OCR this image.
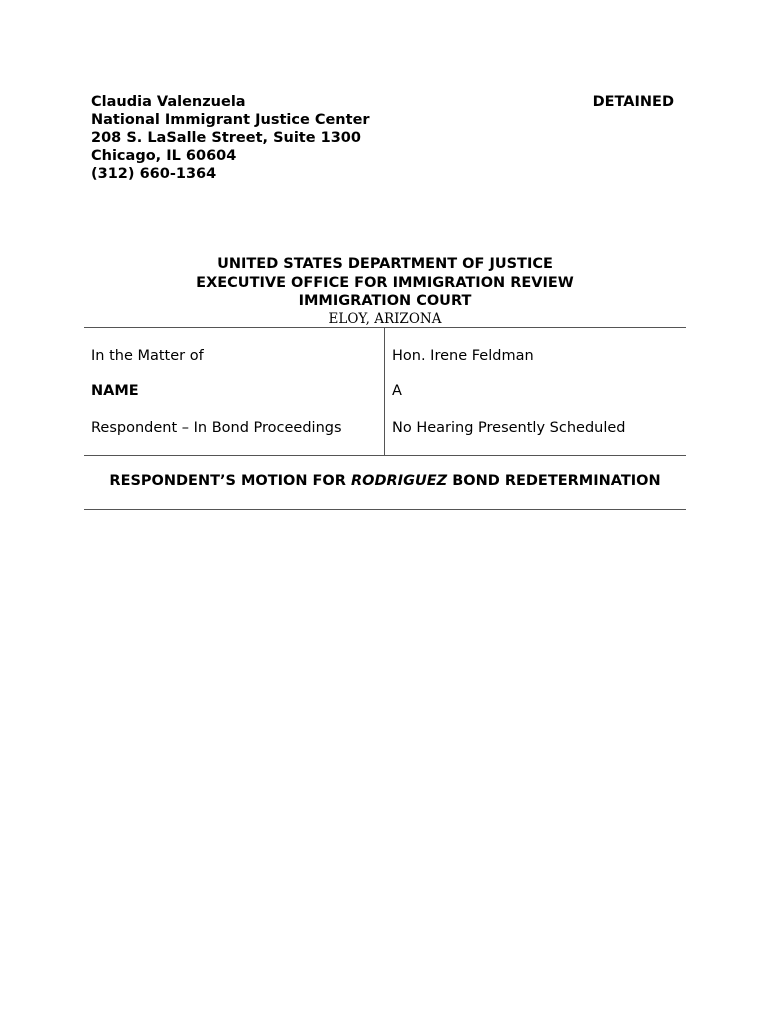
Claudia Valenzuela
National Immigrant Justice Center
208 S. LaSalle Street, Suite 1300
Chicago, IL 60604
(312) 660-1364
DETAINED
UNITED STATES DEPARTMENT OF JUSTICE
EXECUTIVE OFFICE FOR IMMIGRATION REVIEW
IMMIGRATION COURT
ELOY, ARIZONA
In the Matter of
NAME
Respondent – In Bond Proceedings
Hon. Irene Feldman
A
No Hearing Presently Scheduled
RESPONDENT’S MOTION FOR RODRIGUEZ BOND REDETERMINATION
